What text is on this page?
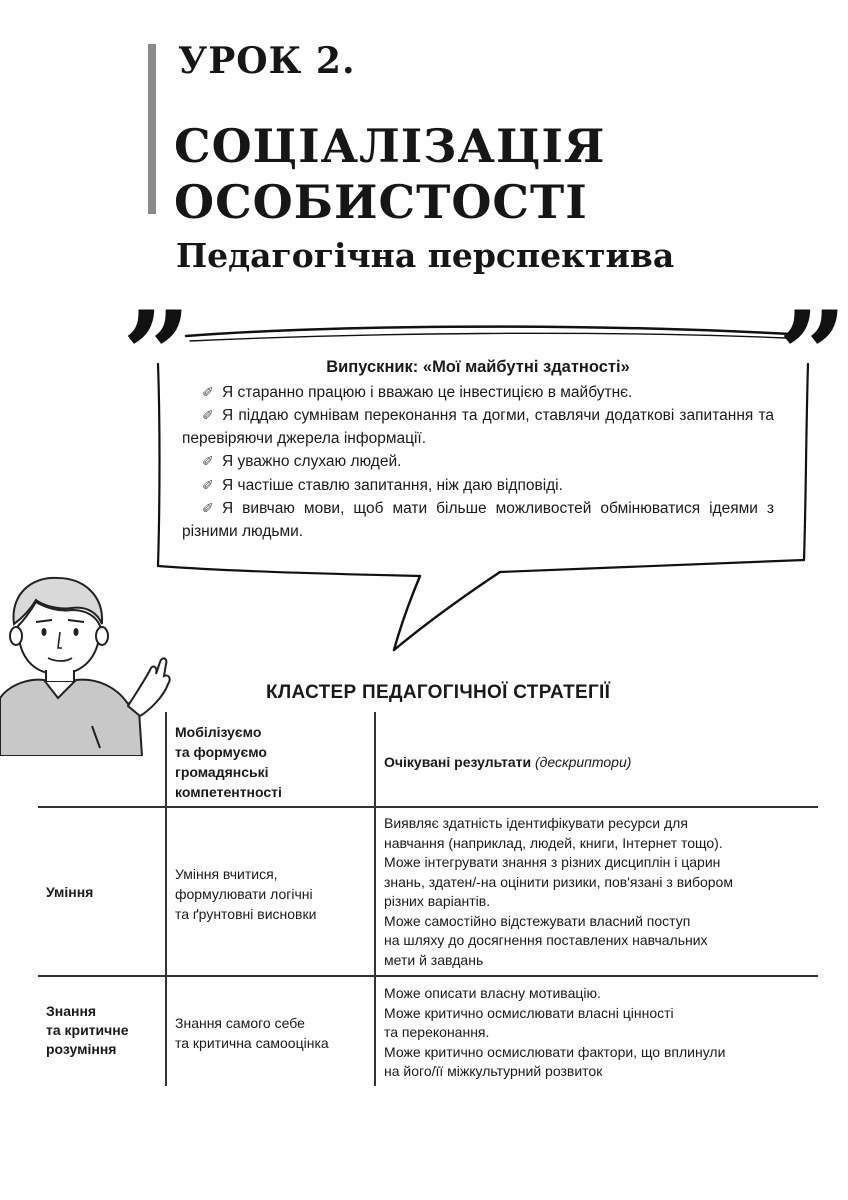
УРОК 2.
СОЦІАЛІЗАЦІЯ
ОСОБИСТОСТІ
Педагогічна перспектива
”	”
Випускник: «Мої майбутні здатності»
✐ Я старанно працюю і вважаю це інвестицією в майбутнє.
✐ Я піддаю сумнівам переконання та догми, ставлячи додаткові запитання та перевіряючи джерела інформації.
✐ Я уважно слухаю людей.
✐ Я частіше ставлю запитання, ніж даю відповіді.
✐ Я вивчаю мови, щоб мати більше можливостей обмінюватися ідеями з різними людьми.
КЛАСТЕР ПЕДАГОГІЧНОЇ СТРАТЕГІЇ
Мобілізуємо
та формуємо
громадянські
компетентності
Очікувані результати (дескриптори)
Уміння
Уміння вчитися,
формулювати логічні
та ґрунтовні висновки
Виявляє здатність ідентифікувати ресурси для
навчання (наприклад, людей, книги, Інтернет тощо).
Може інтегрувати знання з різних дисциплін і царин
знань, здатен/-на оцінити ризики, пов'язані з вибором
різних варіантів.
Може самостійно відстежувати власний поступ
на шляху до досягнення поставлених навчальних
мети й завдань
Знання
та критичне
розуміння
Знання самого себе
та критична самооцінка
Може описати власну мотивацію.
Може критично осмислювати власні цінності
та переконання.
Може критично осмислювати фактори, що вплинули
на його/її міжкультурний розвиток
